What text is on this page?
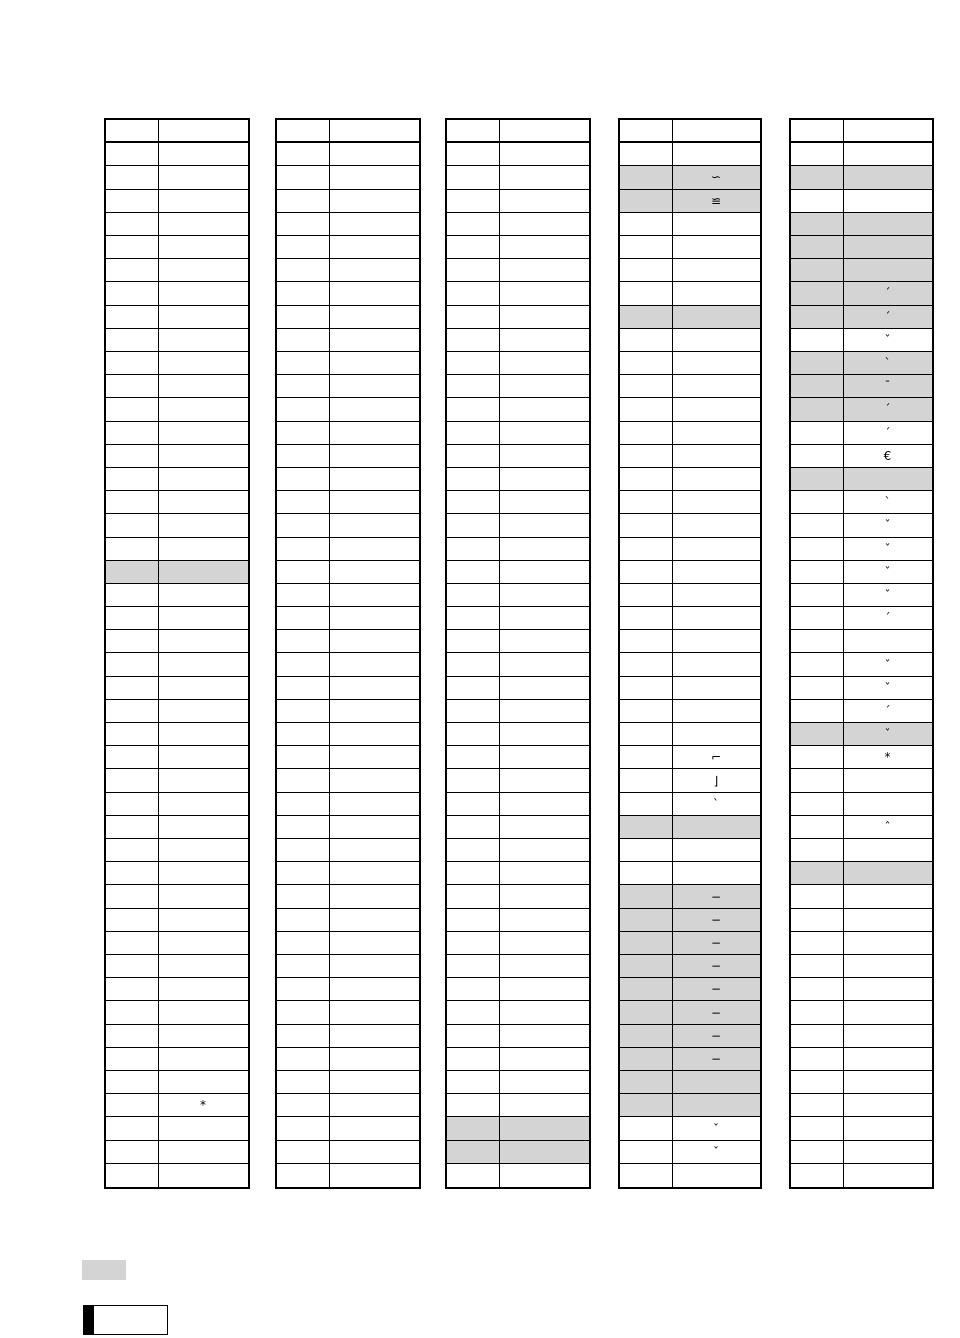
*
∽
≌
⌐
⌋
ˋ
−
−
−
−
−
−
−
−
ˇ
ˇ
ˊ
ˊ
ˇ
ˋ
ˉ
ˊ
ˊ
€
ˋ
ˇ
ˇ
ˇ
ˇ
ˊ
ˇ
ˇ
ˊ
ˇ
*
ˆ
